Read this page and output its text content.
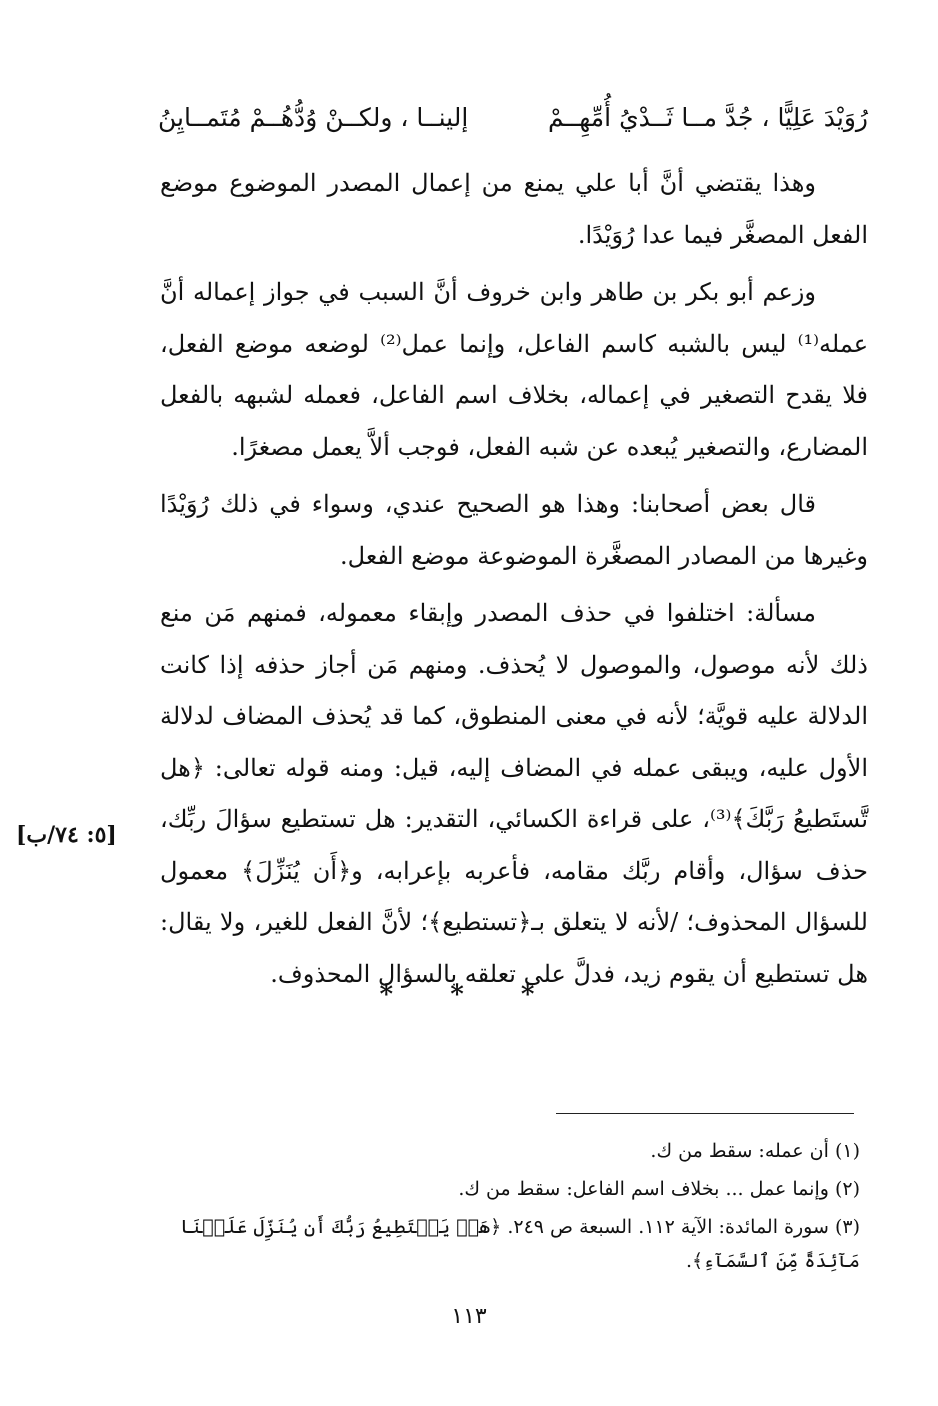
رُوَيْدَ عَلِيًّا ، جُدَّ مــا ثَــدْيُ أُمِّهِــمْ
إلينــا ، ولكــنْ وُدُّهُــمْ مُتَمــايِنُ

وهذا يقتضي أنَّ أبا علي يمنع من إعمال المصدر الموضوع موضع الفعل المصغَّر فيما عدا رُوَيْدًا.

وزعم أبو بكر بن طاهر وابن خروف أنَّ السبب في جواز إعماله أنَّ عمله⁽¹⁾ ليس بالشبه كاسم الفاعل، وإنما عمل⁽²⁾ لوضعه موضع الفعل، فلا يقدح التصغير في إعماله، بخلاف اسم الفاعل، فعمله لشبهه بالفعل المضارع، والتصغير يُبعده عن شبه الفعل، فوجب ألاَّ يعمل مصغرًا.

قال بعض أصحابنا: وهذا هو الصحيح عندي، وسواء في ذلك رُوَيْدًا وغيرها من المصادر المصغَّرة الموضوعة موضع الفعل.

مسألة: اختلفوا في حذف المصدر وإبقاء معموله، فمنهم مَن منع ذلك لأنه موصول، والموصول لا يُحذف. ومنهم مَن أجاز حذفه إذا كانت الدلالة عليه قويَّة؛ لأنه في معنى المنطوق، كما قد يُحذف المضاف لدلالة الأول عليه، ويبقى عمله في المضاف إليه، قيل: ومنه قوله تعالى: ﴿هل تَّستَطيعُ رَبَّكَ﴾⁽³⁾، على قراءة الكسائي، التقدير: هل تستطيع سؤالَ ربِّك، حذف سؤال، وأقام ربَّك مقامه، فأعربه بإعرابه، و﴿أَن يُنَزِّلَ﴾ معمول للسؤال المحذوف؛ /لأنه لا يتعلق بـ﴿تستطيع﴾؛ لأنَّ الفعل للغير، ولا يقال: هل تستطيع أن يقوم زيد، فدلَّ على تعلقه بالسؤال المحذوف.

[٥: ٧٤/ب]
* * *
(١) أن عمله: سقط من ك.
(٢) وإنما عمل ... بخلاف اسم الفاعل: سقط من ك.
(٣) سورة المائدة: الآية ١١٢. السبعة ص ٢٤٩. ﴿هَلۡ يَسۡتَطِيعُ رَبُّكَ أَن يُنَزِّلَ عَلَيۡنَا مَآئِدَةً مِّنَ ٱلسَّمَآءِ﴾.
١١٣
